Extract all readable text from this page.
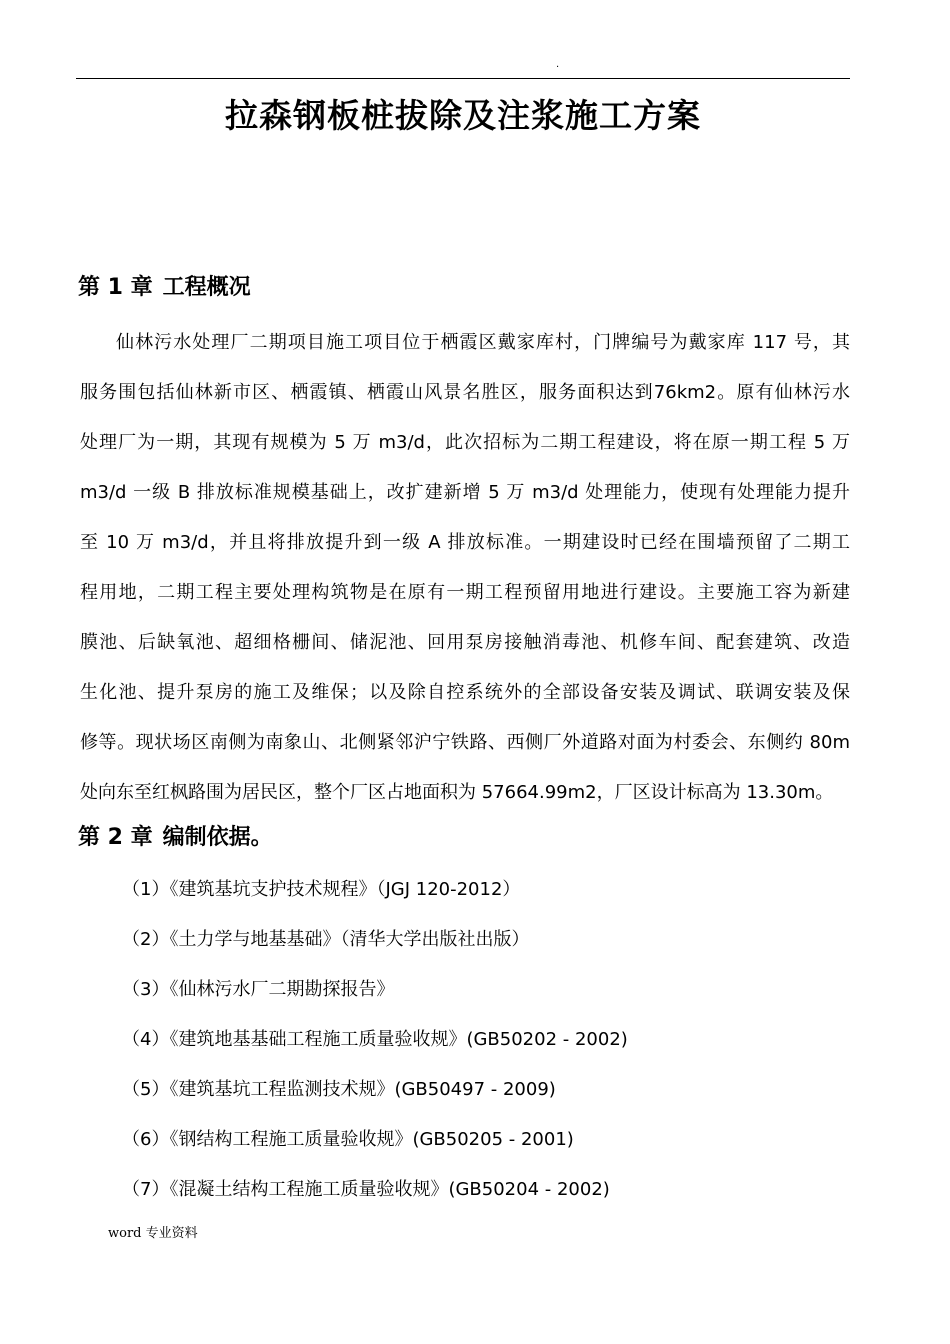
.
拉森钢板桩拔除及注浆施工方案
第 1 章 工程概况
仙林污水处理厂二期项目施工项目位于栖霞区戴家库村，门牌编号为戴家库 117 号，其
服务围包括仙林新市区、栖霞镇、栖霞山风景名胜区，服务面积达到76km2。原有仙林污水
处理厂为一期，其现有规模为 5 万 m3/d，此次招标为二期工程建设，将在原一期工程 5 万
m3/d 一级 B 排放标准规模基础上，改扩建新增 5 万 m3/d 处理能力，使现有处理能力提升
至 10 万 m3/d，并且将排放提升到一级 A 排放标准。一期建设时已经在围墙预留了二期工
程用地，二期工程主要处理构筑物是在原有一期工程预留用地进行建设。主要施工容为新建
膜池、后缺氧池、超细格栅间、储泥池、回用泵房接触消毒池、机修车间、配套建筑、改造
生化池、提升泵房的施工及维保；以及除自控系统外的全部设备安装及调试、联调安装及保
修等。现状场区南侧为南象山、北侧紧邻沪宁铁路、西侧厂外道路对面为村委会、东侧约 80m
处向东至红枫路围为居民区，整个厂区占地面积为 57664.99m2，厂区设计标高为 13.30m。
第 2 章 编制依据。
（1）《建筑基坑支护技术规程》（JGJ 120-2012）
（2）《土力学与地基基础》（清华大学出版社出版）
（3）《仙林污水厂二期勘探报告》
（4）《建筑地基基础工程施工质量验收规》(GB50202 - 2002)
（5）《建筑基坑工程监测技术规》(GB50497 - 2009)
（6）《钢结构工程施工质量验收规》(GB50205 - 2001)
（7）《混凝土结构工程施工质量验收规》(GB50204 - 2002)
word 专业资料
